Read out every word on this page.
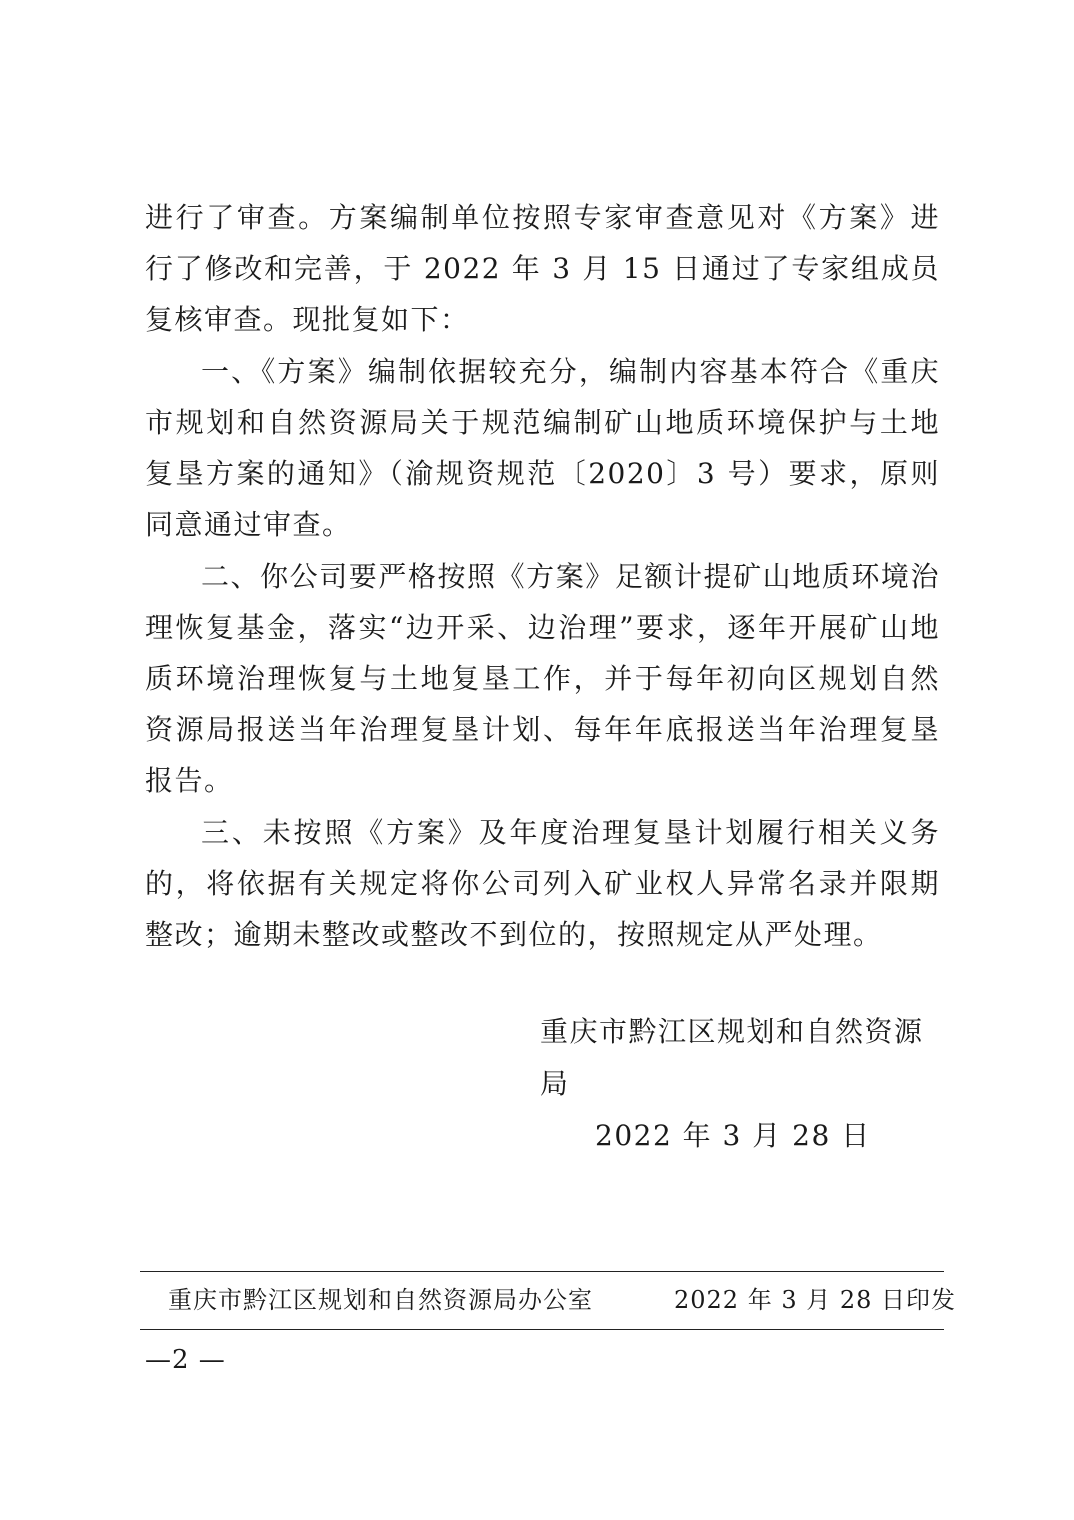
进行了审查。方案编制单位按照专家审查意见对《方案》进行了修改和完善，于 2022 年 3 月 15 日通过了专家组成员复核审查。现批复如下：

一、《方案》编制依据较充分，编制内容基本符合《重庆市规划和自然资源局关于规范编制矿山地质环境保护与土地复垦方案的通知》（渝规资规范〔2020〕3 号）要求，原则同意通过审查。

二、你公司要严格按照《方案》足额计提矿山地质环境治理恢复基金，落实“边开采、边治理”要求，逐年开展矿山地质环境治理恢复与土地复垦工作，并于每年初向区规划自然资源局报送当年治理复垦计划、每年年底报送当年治理复垦报告。

三、未按照《方案》及年度治理复垦计划履行相关义务的，将依据有关规定将你公司列入矿业权人异常名录并限期整改；逾期未整改或整改不到位的，按照规定从严处理。

重庆市黔江区规划和自然资源局
2022 年 3 月 28 日
重庆市黔江区规划和自然资源局办公室	2022 年 3 月 28 日印发
—2 —
